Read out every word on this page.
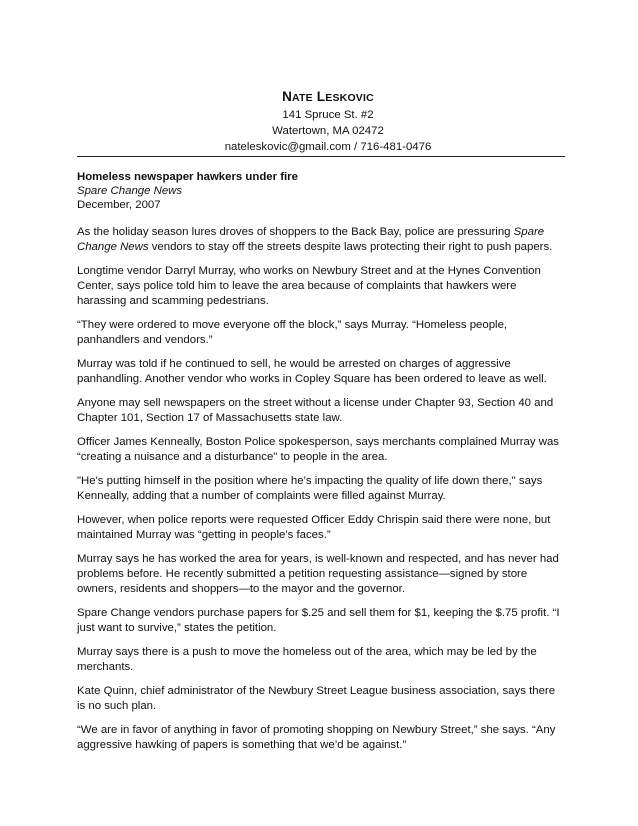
NATE LESKOVIC
141 Spruce St. #2
Watertown, MA 02472
nateleskovic@gmail.com / 716-481-0476
Homeless newspaper hawkers under fire
Spare Change News
December, 2007

As the holiday season lures droves of shoppers to the Back Bay, police are pressuring Spare Change News vendors to stay off the streets despite laws protecting their right to push papers.

Longtime vendor Darryl Murray, who works on Newbury Street and at the Hynes Convention Center, says police told him to leave the area because of complaints that hawkers were harassing and scamming pedestrians.

“They were ordered to move everyone off the block,” says Murray. “Homeless people, panhandlers and vendors.”

Murray was told if he continued to sell, he would be arrested on charges of aggressive panhandling. Another vendor who works in Copley Square has been ordered to leave as well.

Anyone may sell newspapers on the street without a license under Chapter 93, Section 40 and Chapter 101, Section 17 of Massachusetts state law.

Officer James Kenneally, Boston Police spokesperson, says merchants complained Murray was “creating a nuisance and a disturbance" to people in the area.

"He's putting himself in the position where he’s impacting the quality of life down there," says Kenneally, adding that a number of complaints were filled against Murray.

However, when police reports were requested Officer Eddy Chrispin said there were none, but maintained Murray was “getting in people’s faces.”

Murray says he has worked the area for years, is well-known and respected, and has never had problems before. He recently submitted a petition requesting assistance—signed by store owners, residents and shoppers—to the mayor and the governor.

Spare Change vendors purchase papers for $.25 and sell them for $1, keeping the $.75 profit. “I just want to survive,” states the petition.

Murray says there is a push to move the homeless out of the area, which may be led by the merchants.

Kate Quinn, chief administrator of the Newbury Street League business association, says there is no such plan.

“We are in favor of anything in favor of promoting shopping on Newbury Street,” she says. “Any aggressive hawking of papers is something that we’d be against.”
